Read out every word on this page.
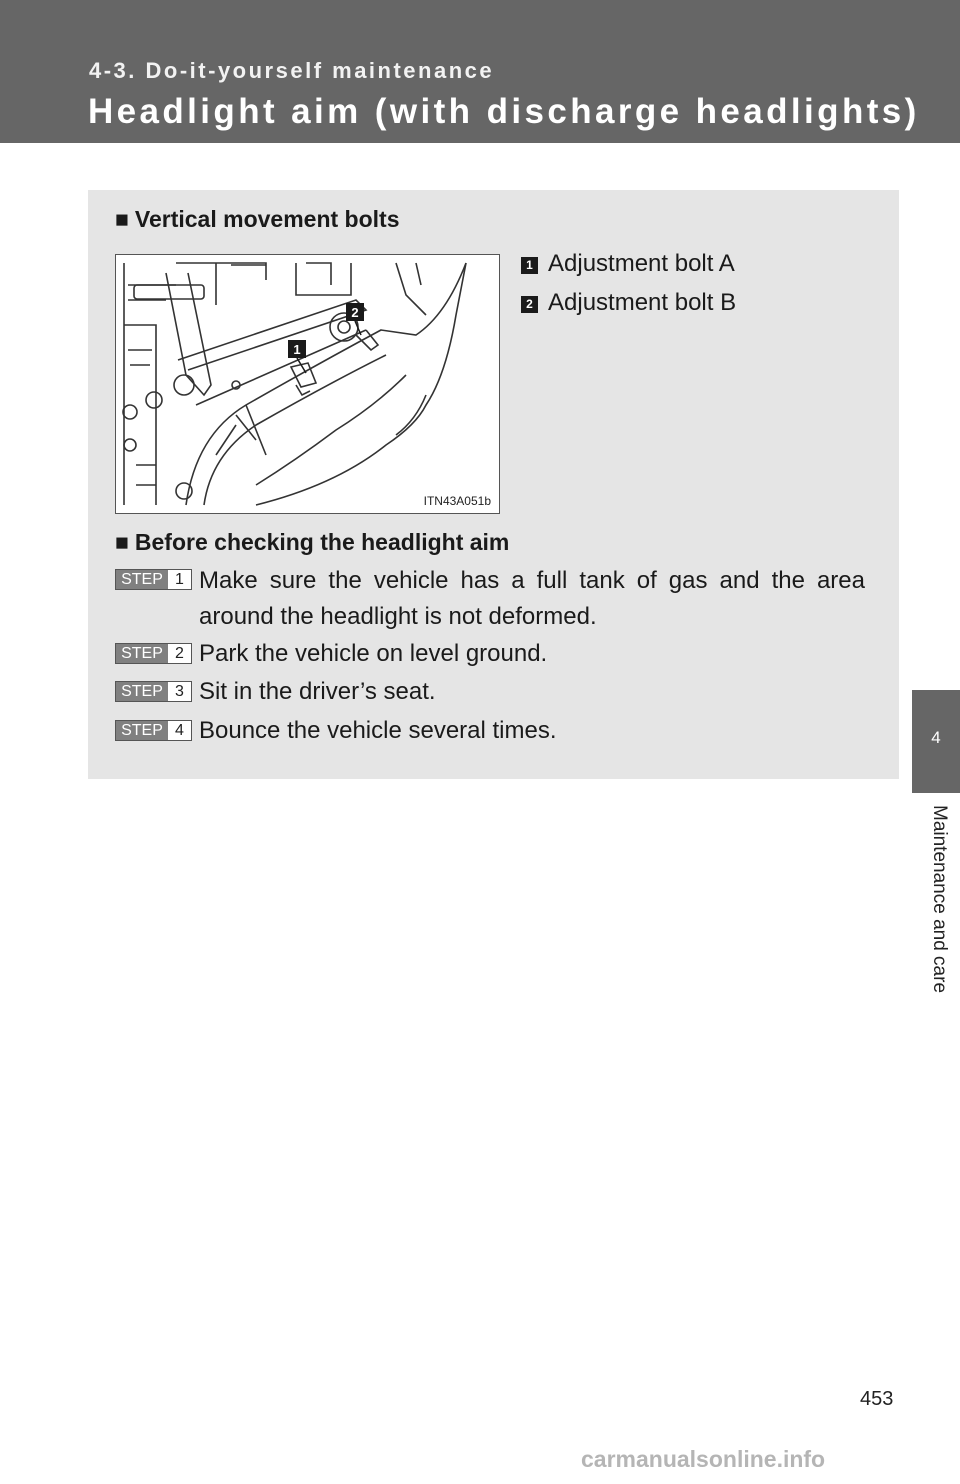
4-3. Do-it-yourself maintenance
Headlight aim (with discharge headlights)
4
Maintenance and care
■ Vertical movement bolts
1
2
ITN43A051b
1 Adjustment bolt A
2 Adjustment bolt B
■ Before checking the headlight aim
STEP 1 Make sure the vehicle has a full tank of gas and the area around the headlight is not deformed.
STEP 2 Park the vehicle on level ground.
STEP 3 Sit in the driver’s seat.
STEP 4 Bounce the vehicle several times.
453
carmanualsonline.info
